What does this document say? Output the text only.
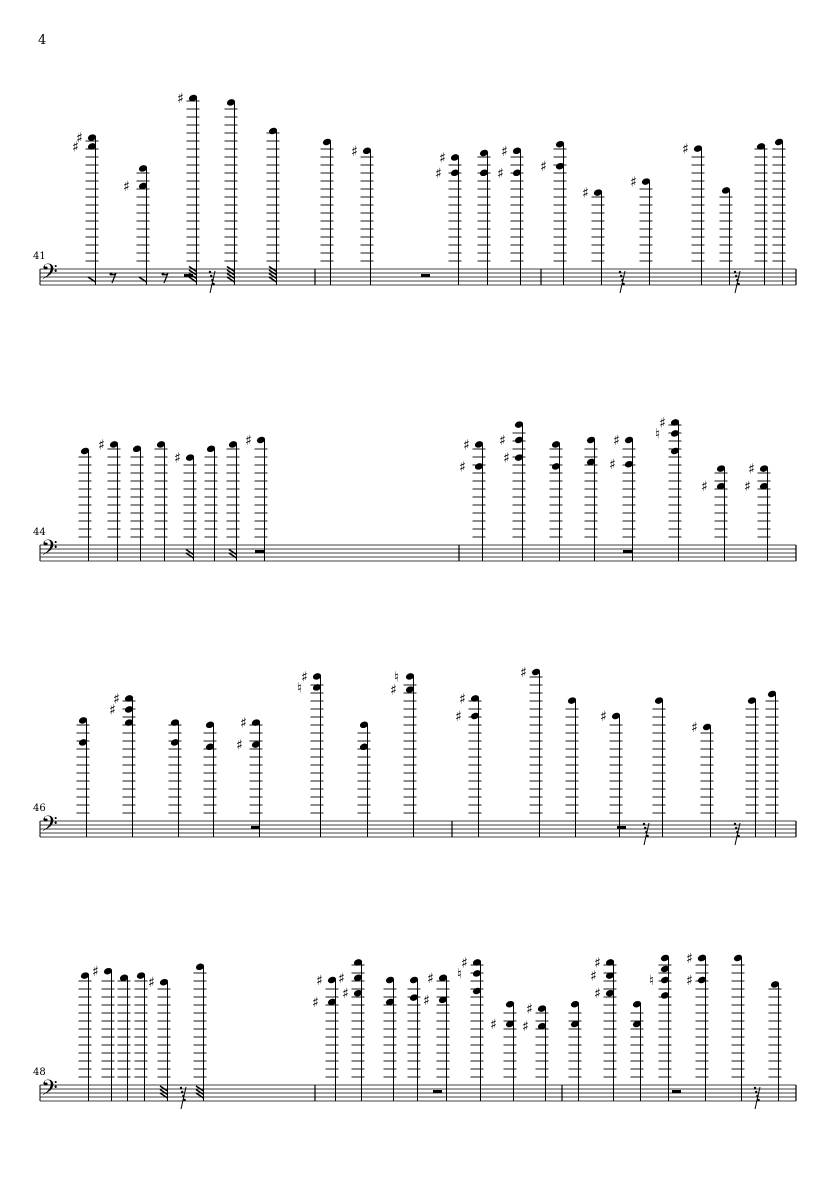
4
41
𝄢
♯
♯
♯
♯
♯	♯
♯
♯
♯	♯
♯
♯
♯
44
𝄢
♯
♯
♯	♯
♯
♯
♯
♯
♯
♯
♮
♯
♯
♯
46
𝄢
♯
♯
♯
♯
♯
♮
♮
♯
♯
♯
♯
♯
♯
48
𝄢
♯
♯	♯
♯
♯
♯
♯
♯
♯
♮
♯
♯
♯
♯
♯
♯
♮
♯
♯
